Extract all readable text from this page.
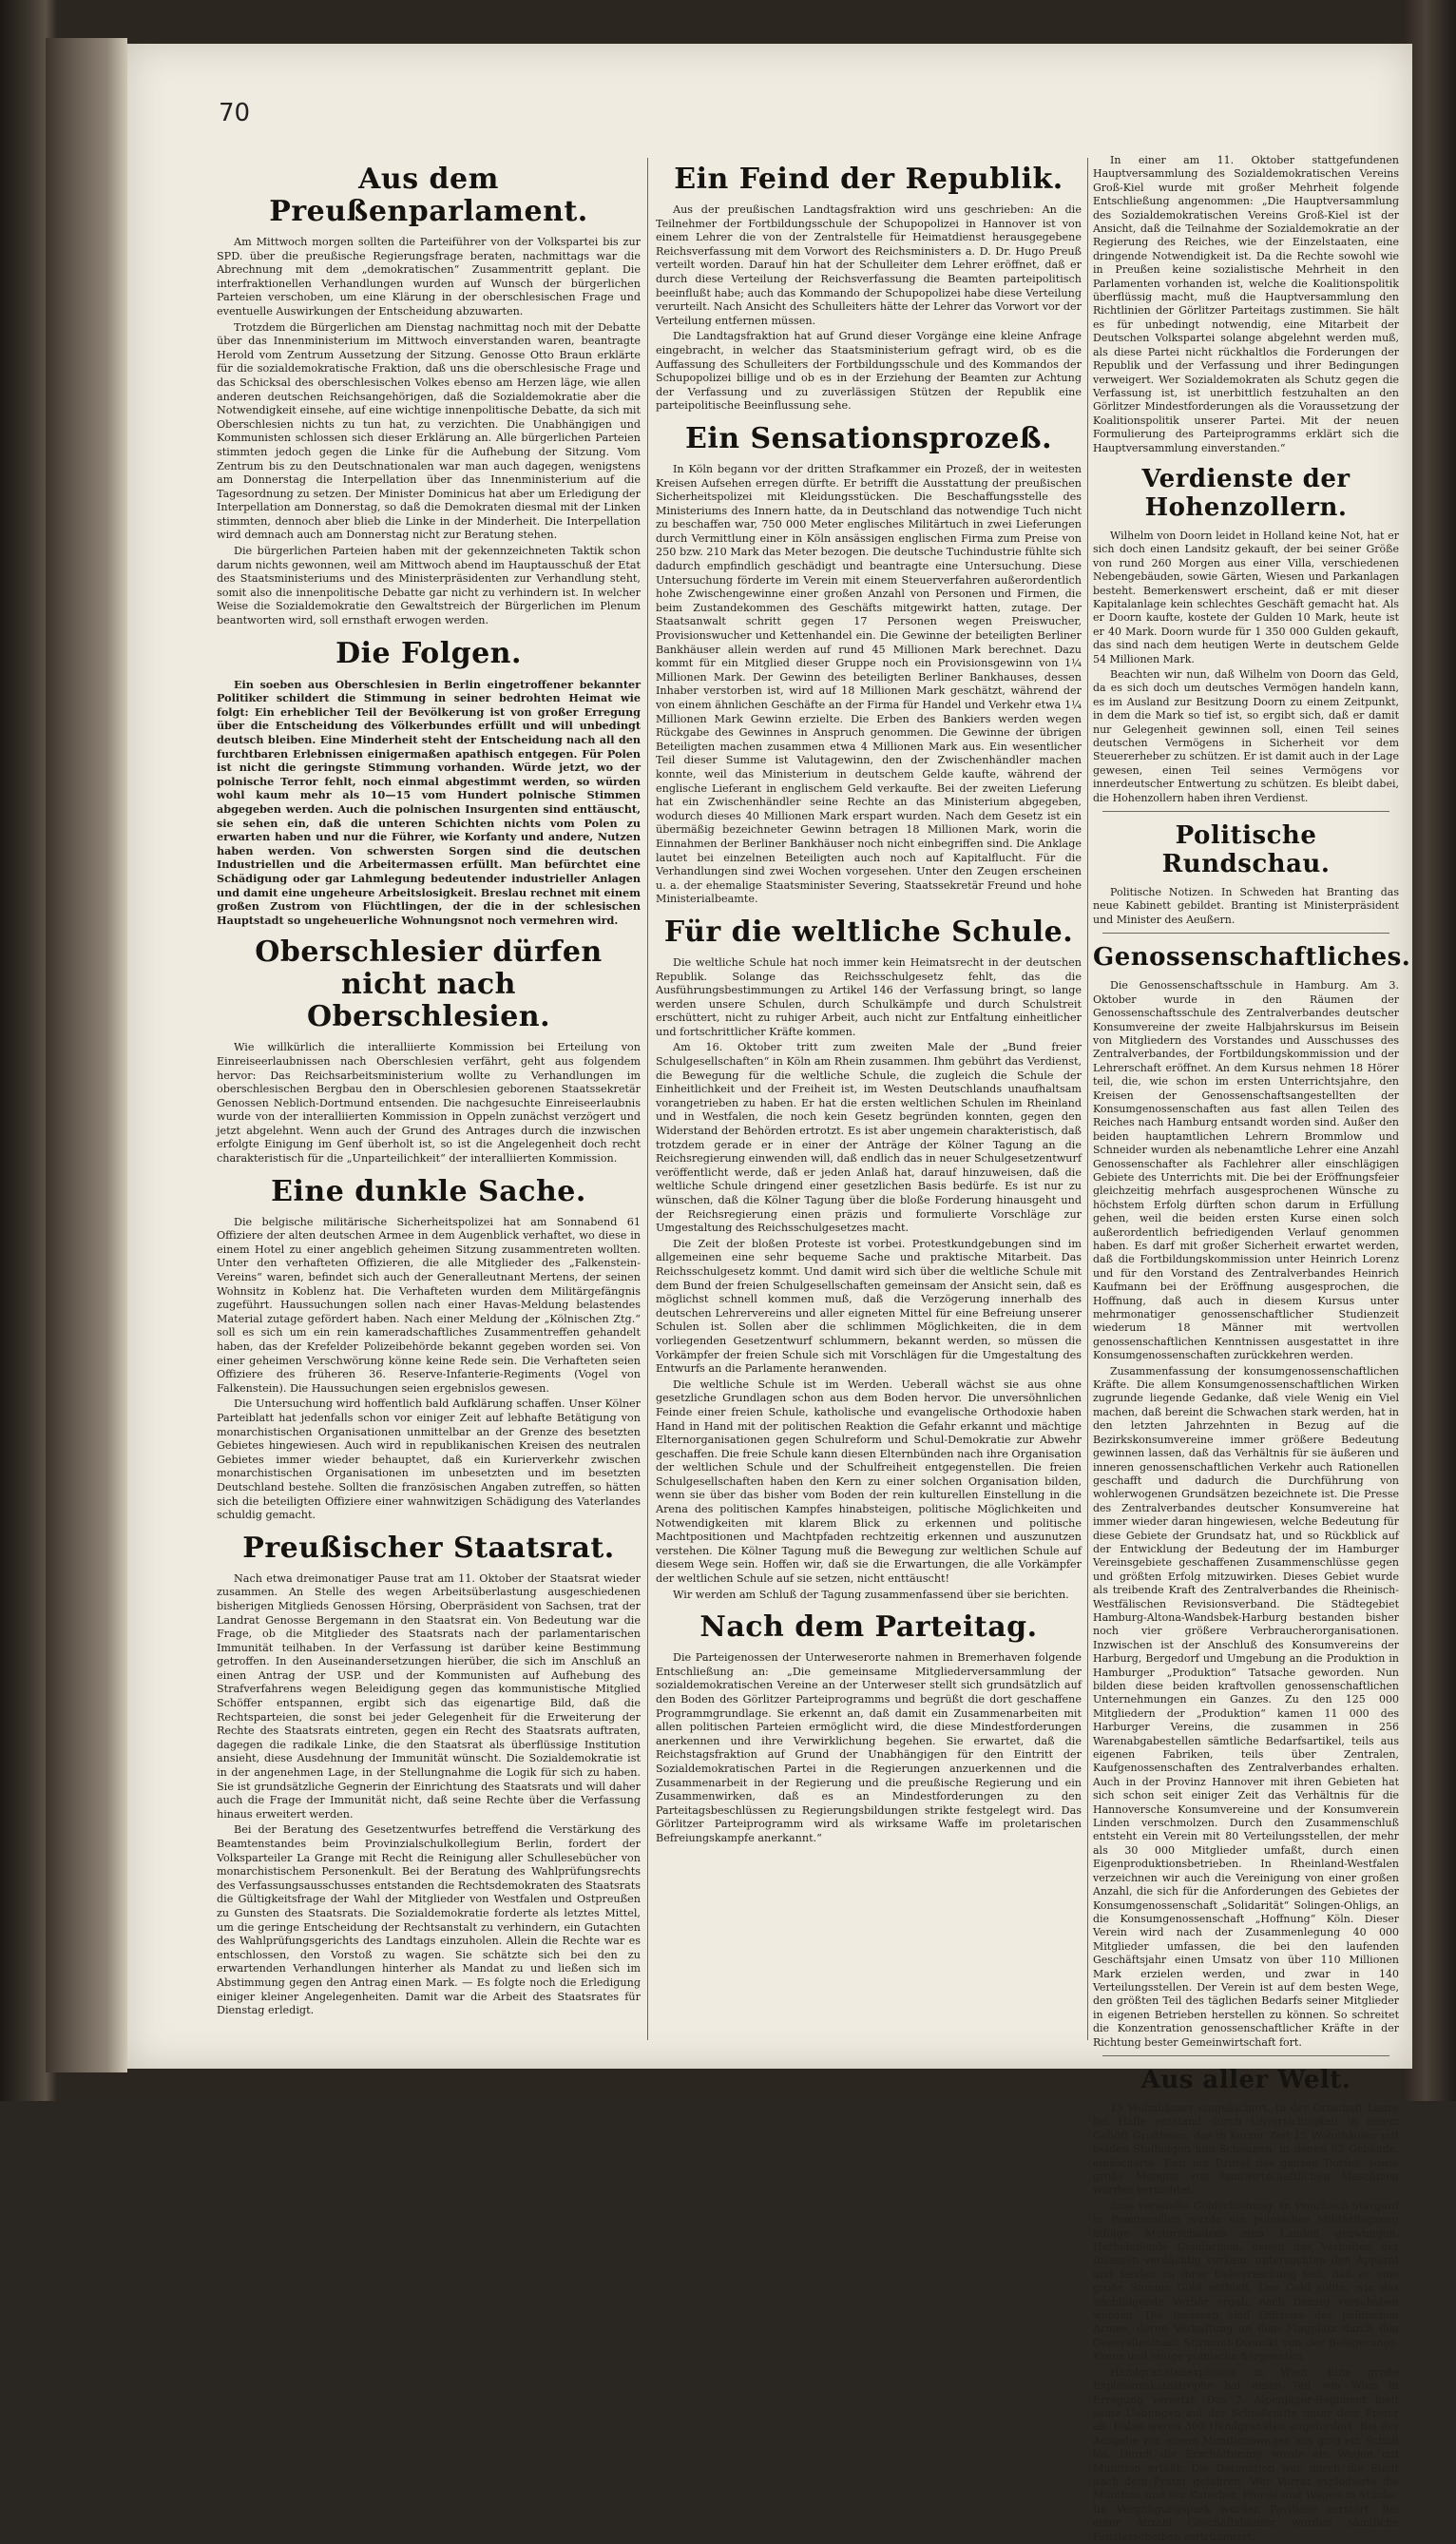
70
Aus dem Preußenparlament.

Am Mittwoch morgen sollten die Parteiführer von der Volkspartei bis zur SPD. über die preußische Regierungsfrage beraten, nachmittags war die Abrechnung mit dem „demokratischen“ Zusammentritt geplant. Die interfraktionellen Verhandlungen wurden auf Wunsch der bürgerlichen Parteien verschoben, um eine Klärung in der oberschlesischen Frage und eventuelle Auswirkungen der Entscheidung abzuwarten.

Trotzdem die Bürgerlichen am Dienstag nachmittag noch mit der Debatte über das Innenministerium im Mittwoch einverstanden waren, beantragte Herold vom Zentrum Aussetzung der Sitzung. Genosse Otto Braun erklärte für die sozialdemokratische Fraktion, daß uns die oberschlesische Frage und das Schicksal des oberschlesischen Volkes ebenso am Herzen läge, wie allen anderen deutschen Reichsangehörigen, daß die Sozialdemokratie aber die Notwendigkeit einsehe, auf eine wichtige innenpolitische Debatte, da sich mit Oberschlesien nichts zu tun hat, zu verzichten. Die Unabhängigen und Kommunisten schlossen sich dieser Erklärung an. Alle bürgerlichen Parteien stimmten jedoch gegen die Linke für die Aufhebung der Sitzung. Vom Zentrum bis zu den Deutschnationalen war man auch dagegen, wenigstens am Donnerstag die Interpellation über das Innenministerium auf die Tagesordnung zu setzen. Der Minister Dominicus hat aber um Erledigung der Interpellation am Donnerstag, so daß die Demokraten diesmal mit der Linken stimmten, dennoch aber blieb die Linke in der Minderheit. Die Interpellation wird demnach auch am Donnerstag nicht zur Beratung stehen.

Die bürgerlichen Parteien haben mit der gekennzeichneten Taktik schon darum nichts gewonnen, weil am Mittwoch abend im Hauptausschuß der Etat des Staatsministeriums und des Ministerpräsidenten zur Verhandlung steht, somit also die innenpolitische Debatte gar nicht zu verhindern ist. In welcher Weise die Sozialdemokratie den Gewaltstreich der Bürgerlichen im Plenum beantworten wird, soll ernsthaft erwogen werden.

Die Folgen.

Ein soeben aus Oberschlesien in Berlin eingetroffener bekannter Politiker schildert die Stimmung in seiner bedrohten Heimat wie folgt: Ein erheblicher Teil der Bevölkerung ist von großer Erregung über die Entscheidung des Völkerbundes erfüllt und will unbedingt deutsch bleiben. Eine Minderheit steht der Entscheidung nach all den furchtbaren Erlebnissen einigermaßen apathisch entgegen. Für Polen ist nicht die geringste Stimmung vorhanden. Würde jetzt, wo der polnische Terror fehlt, noch einmal abgestimmt werden, so würden wohl kaum mehr als 10—15 vom Hundert polnische Stimmen abgegeben werden. Auch die polnischen Insurgenten sind enttäuscht, sie sehen ein, daß die unteren Schichten nichts vom Polen zu erwarten haben und nur die Führer, wie Korfanty und andere, Nutzen haben werden. Von schwersten Sorgen sind die deutschen Industriellen und die Arbeitermassen erfüllt. Man befürchtet eine Schädigung oder gar Lahmlegung bedeutender industrieller Anlagen und damit eine ungeheure Arbeitslosigkeit. Breslau rechnet mit einem großen Zustrom von Flüchtlingen, der die in der schlesischen Hauptstadt so ungeheuerliche Wohnungsnot noch vermehren wird.

Oberschlesier dürfen nicht nach Oberschlesien.

Wie willkürlich die interalliierte Kommission bei Erteilung von Einreiseerlaubnissen nach Oberschlesien verfährt, geht aus folgendem hervor: Das Reichsarbeitsministerium wollte zu Verhandlungen im oberschlesischen Bergbau den in Oberschlesien geborenen Staatssekretär Genossen Neblich-Dortmund entsenden. Die nachgesuchte Einreiseerlaubnis wurde von der interalliierten Kommission in Oppeln zunächst verzögert und jetzt abgelehnt. Wenn auch der Grund des Antrages durch die inzwischen erfolgte Einigung im Genf überholt ist, so ist die Angelegenheit doch recht charakteristisch für die „Unparteilichkeit“ der interalliierten Kommission.

Eine dunkle Sache.

Die belgische militärische Sicherheitspolizei hat am Sonnabend 61 Offiziere der alten deutschen Armee in dem Augenblick verhaftet, wo diese in einem Hotel zu einer angeblich geheimen Sitzung zusammentreten wollten. Unter den verhafteten Offizieren, die alle Mitglieder des „Falkenstein-Vereins“ waren, befindet sich auch der Generalleutnant Mertens, der seinen Wohnsitz in Koblenz hat. Die Verhafteten wurden dem Militärgefängnis zugeführt. Haussuchungen sollen nach einer Havas-Meldung belastendes Material zutage gefördert haben. Nach einer Meldung der „Kölnischen Ztg.“ soll es sich um ein rein kameradschaftliches Zusammentreffen gehandelt haben, das der Krefelder Polizeibehörde bekannt gegeben worden sei. Von einer geheimen Verschwörung könne keine Rede sein. Die Verhafteten seien Offiziere des früheren 36. Reserve-Infanterie-Regiments (Vogel von Falkenstein). Die Haussuchungen seien ergebnislos gewesen.

Die Untersuchung wird hoffentlich bald Aufklärung schaffen. Unser Kölner Parteiblatt hat jedenfalls schon vor einiger Zeit auf lebhafte Betätigung von monarchistischen Organisationen unmittelbar an der Grenze des besetzten Gebietes hingewiesen. Auch wird in republikanischen Kreisen des neutralen Gebietes immer wieder behauptet, daß ein Kurierverkehr zwischen monarchistischen Organisationen im unbesetzten und im besetzten Deutschland bestehe. Sollten die französischen Angaben zutreffen, so hätten sich die beteiligten Offiziere einer wahnwitzigen Schädigung des Vaterlandes schuldig gemacht.

Preußischer Staatsrat.

Nach etwa dreimonatiger Pause trat am 11. Oktober der Staatsrat wieder zusammen. An Stelle des wegen Arbeitsüberlastung ausgeschiedenen bisherigen Mitglieds Genossen Hörsing, Oberpräsident von Sachsen, trat der Landrat Genosse Bergemann in den Staatsrat ein. Von Bedeutung war die Frage, ob die Mitglieder des Staatsrats nach der parlamentarischen Immunität teilhaben. In der Verfassung ist darüber keine Bestimmung getroffen. In den Auseinandersetzungen hierüber, die sich im Anschluß an einen Antrag der USP. und der Kommunisten auf Aufhebung des Strafverfahrens wegen Beleidigung gegen das kommunistische Mitglied Schöffer entspannen, ergibt sich das eigenartige Bild, daß die Rechtsparteien, die sonst bei jeder Gelegenheit für die Erweiterung der Rechte des Staatsrats eintreten, gegen ein Recht des Staatsrats auftraten, dagegen die radikale Linke, die den Staatsrat als überflüssige Institution ansieht, diese Ausdehnung der Immunität wünscht. Die Sozialdemokratie ist in der angenehmen Lage, in der Stellungnahme die Logik für sich zu haben. Sie ist grundsätzliche Gegnerin der Einrichtung des Staatsrats und will daher auch die Frage der Immunität nicht, daß seine Rechte über die Verfassung hinaus erweitert werden.

Bei der Beratung des Gesetzentwurfes betreffend die Verstärkung des Beamtenstandes beim Provinzialschulkollegium Berlin, fordert der Volksparteiler La Grange mit Recht die Reinigung aller Schullesebücher von monarchistischem Personenkult. Bei der Beratung des Wahlprüfungsrechts des Verfassungsausschusses entstanden die Rechtsdemokraten des Staatsrats die Gültigkeitsfrage der Wahl der Mitglieder von Westfalen und Ostpreußen zu Gunsten des Staatsrats. Die Sozialdemokratie forderte als letztes Mittel, um die geringe Entscheidung der Rechtsanstalt zu verhindern, ein Gutachten des Wahlprüfungsgerichts des Landtags einzuholen. Allein die Rechte war es entschlossen, den Vorstoß zu wagen. Sie schätzte sich bei den zu erwartenden Verhandlungen hinterher als Mandat zu und ließen sich im Abstimmung gegen den Antrag einen Mark. — Es folgte noch die Erledigung einiger kleiner Angelegenheiten. Damit war die Arbeit des Staatsrates für Dienstag erledigt.

Ein Feind der Republik.

Aus der preußischen Landtagsfraktion wird uns geschrieben: An die Teilnehmer der Fortbildungsschule der Schupopolizei in Hannover ist von einem Lehrer die von der Zentralstelle für Heimatdienst herausgegebene Reichsverfassung mit dem Vorwort des Reichsministers a. D. Dr. Hugo Preuß verteilt worden. Darauf hin hat der Schulleiter dem Lehrer eröffnet, daß er durch diese Verteilung der Reichsverfassung die Beamten parteipolitisch beeinflußt habe; auch das Kommando der Schupopolizei habe diese Verteilung verurteilt. Nach Ansicht des Schulleiters hätte der Lehrer das Vorwort vor der Verteilung entfernen müssen.

Die Landtagsfraktion hat auf Grund dieser Vorgänge eine kleine Anfrage eingebracht, in welcher das Staatsministerium gefragt wird, ob es die Auffassung des Schulleiters der Fortbildungsschule und des Kommandos der Schupopolizei billige und ob es in der Erziehung der Beamten zur Achtung der Verfassung und zu zuverlässigen Stützen der Republik eine parteipolitische Beeinflussung sehe.

Ein Sensationsprozeß.

In Köln begann vor der dritten Strafkammer ein Prozeß, der in weitesten Kreisen Aufsehen erregen dürfte. Er betrifft die Ausstattung der preußischen Sicherheitspolizei mit Kleidungsstücken. Die Beschaffungsstelle des Ministeriums des Innern hatte, da in Deutschland das notwendige Tuch nicht zu beschaffen war, 750 000 Meter englisches Militärtuch in zwei Lieferungen durch Vermittlung einer in Köln ansässigen englischen Firma zum Preise von 250 bzw. 210 Mark das Meter bezogen. Die deutsche Tuchindustrie fühlte sich dadurch empfindlich geschädigt und beantragte eine Untersuchung. Diese Untersuchung förderte im Verein mit einem Steuerverfahren außerordentlich hohe Zwischengewinne einer großen Anzahl von Personen und Firmen, die beim Zustandekommen des Geschäfts mitgewirkt hatten, zutage. Der Staatsanwalt schritt gegen 17 Personen wegen Preiswucher, Provisionswucher und Kettenhandel ein. Die Gewinne der beteiligten Berliner Bankhäuser allein werden auf rund 45 Millionen Mark berechnet. Dazu kommt für ein Mitglied dieser Gruppe noch ein Provisionsgewinn von 1¼ Millionen Mark. Der Gewinn des beteiligten Berliner Bankhauses, dessen Inhaber verstorben ist, wird auf 18 Millionen Mark geschätzt, während der von einem ähnlichen Geschäfte an der Firma für Handel und Verkehr etwa 1¼ Millionen Mark Gewinn erzielte. Die Erben des Bankiers werden wegen Rückgabe des Gewinnes in Anspruch genommen. Die Gewinne der übrigen Beteiligten machen zusammen etwa 4 Millionen Mark aus. Ein wesentlicher Teil dieser Summe ist Valutagewinn, den der Zwischenhändler machen konnte, weil das Ministerium in deutschem Gelde kaufte, während der englische Lieferant in englischem Geld verkaufte. Bei der zweiten Lieferung hat ein Zwischenhändler seine Rechte an das Ministerium abgegeben, wodurch dieses 40 Millionen Mark erspart wurden. Nach dem Gesetz ist ein übermäßig bezeichneter Gewinn betragen 18 Millionen Mark, worin die Einnahmen der Berliner Bankhäuser noch nicht einbegriffen sind. Die Anklage lautet bei einzelnen Beteiligten auch noch auf Kapitalflucht. Für die Verhandlungen sind zwei Wochen vorgesehen. Unter den Zeugen erscheinen u. a. der ehemalige Staatsminister Severing, Staatssekretär Freund und hohe Ministerialbeamte.

Für die weltliche Schule.

Die weltliche Schule hat noch immer kein Heimatsrecht in der deutschen Republik. Solange das Reichsschulgesetz fehlt, das die Ausführungsbestimmungen zu Artikel 146 der Verfassung bringt, so lange werden unsere Schulen, durch Schulkämpfe und durch Schulstreit erschüttert, nicht zu ruhiger Arbeit, auch nicht zur Entfaltung einheitlicher und fortschrittlicher Kräfte kommen.

Am 16. Oktober tritt zum zweiten Male der „Bund freier Schulgesellschaften“ in Köln am Rhein zusammen. Ihm gebührt das Verdienst, die Bewegung für die weltliche Schule, die zugleich die Schule der Einheitlichkeit und der Freiheit ist, im Westen Deutschlands unaufhaltsam vorangetrieben zu haben. Er hat die ersten weltlichen Schulen im Rheinland und in Westfalen, die noch kein Gesetz begründen konnten, gegen den Widerstand der Behörden ertrotzt. Es ist aber ungemein charakteristisch, daß trotzdem gerade er in einer der Anträge der Kölner Tagung an die Reichsregierung einwenden will, daß endlich das in neuer Schulgesetzentwurf veröffentlicht werde, daß er jeden Anlaß hat, darauf hinzuweisen, daß die weltliche Schule dringend einer gesetzlichen Basis bedürfe. Es ist nur zu wünschen, daß die Kölner Tagung über die bloße Forderung hinausgeht und der Reichsregierung einen präzis und formulierte Vorschläge zur Umgestaltung des Reichsschulgesetzes macht.

Die Zeit der bloßen Proteste ist vorbei. Protestkundgebungen sind im allgemeinen eine sehr bequeme Sache und praktische Mitarbeit. Das Reichsschulgesetz kommt. Und damit wird sich über die weltliche Schule mit dem Bund der freien Schulgesellschaften gemeinsam der Ansicht sein, daß es möglichst schnell kommen muß, daß die Verzögerung innerhalb des deutschen Lehrervereins und aller eigneten Mittel für eine Befreiung unserer Schulen ist. Sollen aber die schlimmen Möglichkeiten, die in dem vorliegenden Gesetzentwurf schlummern, bekannt werden, so müssen die Vorkämpfer der freien Schule sich mit Vorschlägen für die Umgestaltung des Entwurfs an die Parlamente heranwenden.

Die weltliche Schule ist im Werden. Ueberall wächst sie aus ohne gesetzliche Grundlagen schon aus dem Boden hervor. Die unversöhnlichen Feinde einer freien Schule, katholische und evangelische Orthodoxie haben Hand in Hand mit der politischen Reaktion die Gefahr erkannt und mächtige Elternorganisationen gegen Schulreform und Schul-Demokratie zur Abwehr geschaffen. Die freie Schule kann diesen Elternbünden nach ihre Organisation der weltlichen Schule und der Schulfreiheit entgegenstellen. Die freien Schulgesellschaften haben den Kern zu einer solchen Organisation bilden, wenn sie über das bisher vom Boden der rein kulturellen Einstellung in die Arena des politischen Kampfes hinabsteigen, politische Möglichkeiten und Notwendigkeiten mit klarem Blick zu erkennen und politische Machtpositionen und Machtpfaden rechtzeitig erkennen und auszunutzen verstehen. Die Kölner Tagung muß die Bewegung zur weltlichen Schule auf diesem Wege sein. Hoffen wir, daß sie die Erwartungen, die alle Vorkämpfer der weltlichen Schule auf sie setzen, nicht enttäuscht!

Wir werden am Schluß der Tagung zusammenfassend über sie berichten.

Nach dem Parteitag.

Die Parteigenossen der Unterweserorte nahmen in Bremerhaven folgende Entschließung an: „Die gemeinsame Mitgliederversammlung der sozialdemokratischen Vereine an der Unterweser stellt sich grundsätzlich auf den Boden des Görlitzer Parteiprogramms und begrüßt die dort geschaffene Programmgrundlage. Sie erkennt an, daß damit ein Zusammenarbeiten mit allen politischen Parteien ermöglicht wird, die diese Mindestforderungen anerkennen und ihre Verwirklichung begehen. Sie erwartet, daß die Reichstagsfraktion auf Grund der Unabhängigen für den Eintritt der Sozialdemokratischen Partei in die Regierungen anzuerkennen und die Zusammenarbeit in der Regierung und die preußische Regierung und ein Zusammenwirken, daß es an Mindestforderungen zu den Parteitagsbeschlüssen zu Regierungsbildungen strikte festgelegt wird. Das Görlitzer Parteiprogramm wird als wirksame Waffe im proletarischen Befreiungskampfe anerkannt.“

In einer am 11. Oktober stattgefundenen Hauptversammlung des Sozialdemokratischen Vereins Groß-Kiel wurde mit großer Mehrheit folgende Entschließung angenommen: „Die Hauptversammlung des Sozialdemokratischen Vereins Groß-Kiel ist der Ansicht, daß die Teilnahme der Sozialdemokratie an der Regierung des Reiches, wie der Einzelstaaten, eine dringende Notwendigkeit ist. Da die Rechte sowohl wie in Preußen keine sozialistische Mehrheit in den Parlamenten vorhanden ist, welche die Koalitionspolitik überflüssig macht, muß die Hauptversammlung den Richtlinien der Görlitzer Parteitags zustimmen. Sie hält es für unbedingt notwendig, eine Mitarbeit der Deutschen Volkspartei solange abgelehnt werden muß, als diese Partei nicht rückhaltlos die Forderungen der Republik und der Verfassung und ihrer Bedingungen verweigert. Wer Sozialdemokraten als Schutz gegen die Verfassung ist, ist unerbittlich festzuhalten an den Görlitzer Mindestforderungen als die Voraussetzung der Koalitionspolitik unserer Partei. Mit der neuen Formulierung des Parteiprogramms erklärt sich die Hauptversammlung einverstanden.“

Verdienste der Hohenzollern.

Wilhelm von Doorn leidet in Holland keine Not, hat er sich doch einen Landsitz gekauft, der bei seiner Größe von rund 260 Morgen aus einer Villa, verschiedenen Nebengebäuden, sowie Gärten, Wiesen und Parkanlagen besteht. Bemerkenswert erscheint, daß er mit dieser Kapitalanlage kein schlechtes Geschäft gemacht hat. Als er Doorn kaufte, kostete der Gulden 10 Mark, heute ist er 40 Mark. Doorn wurde für 1 350 000 Gulden gekauft, das sind nach dem heutigen Werte in deutschem Gelde 54 Millionen Mark.

Beachten wir nun, daß Wilhelm von Doorn das Geld, da es sich doch um deutsches Vermögen handeln kann, es im Ausland zur Besitzung Doorn zu einem Zeitpunkt, in dem die Mark so tief ist, so ergibt sich, daß er damit nur Gelegenheit gewinnen soll, einen Teil seines deutschen Vermögens in Sicherheit vor dem Steuererheber zu schützen. Er ist damit auch in der Lage gewesen, einen Teil seines Vermögens vor innerdeutscher Entwertung zu schützen. Es bleibt dabei, die Hohenzollern haben ihren Verdienst.

Politische Rundschau.

Politische Notizen. In Schweden hat Branting das neue Kabinett gebildet. Branting ist Ministerpräsident und Minister des Aeußern.

Genossenschaftliches.

Die Genossenschaftsschule in Hamburg. Am 3. Oktober wurde in den Räumen der Genossenschaftsschule des Zentralverbandes deutscher Konsumvereine der zweite Halbjahrskursus im Beisein von Mitgliedern des Vorstandes und Ausschusses des Zentralverbandes, der Fortbildungskommission und der Lehrerschaft eröffnet. An dem Kursus nehmen 18 Hörer teil, die, wie schon im ersten Unterrichtsjahre, den Kreisen der Genossenschaftsangestellten der Konsumgenossenschaften aus fast allen Teilen des Reiches nach Hamburg entsandt worden sind. Außer den beiden hauptamtlichen Lehrern Brommlow und Schneider wurden als nebenamtliche Lehrer eine Anzahl Genossenschafter als Fachlehrer aller einschlägigen Gebiete des Unterrichts mit. Die bei der Eröffnungsfeier gleichzeitig mehrfach ausgesprochenen Wünsche zu höchstem Erfolg dürften schon darum in Erfüllung gehen, weil die beiden ersten Kurse einen solch außerordentlich befriedigenden Verlauf genommen haben. Es darf mit großer Sicherheit erwartet werden, daß die Fortbildungskommission unter Heinrich Lorenz und für den Vorstand des Zentralverbandes Heinrich Kaufmann bei der Eröffnung ausgesprochen, die Hoffnung, daß auch in diesem Kursus unter mehrmonatiger genossenschaftlicher Studienzeit wiederum 18 Männer mit wertvollen genossenschaftlichen Kenntnissen ausgestattet in ihre Konsumgenossenschaften zurückkehren werden.

Zusammenfassung der konsumgenossenschaftlichen Kräfte. Die allem Konsumgenossenschaftlichen Wirken zugrunde liegende Gedanke, daß viele Wenig ein Viel machen, daß bereint die Schwachen stark werden, hat in den letzten Jahrzehnten in Bezug auf die Bezirkskonsumvereine immer größere Bedeutung gewinnen lassen, daß das Verhältnis für sie äußeren und inneren genossenschaftlichen Verkehr auch Rationellen geschafft und dadurch die Durchführung von wohlerwogenen Grundsätzen bezeichnete ist. Die Presse des Zentralverbandes deutscher Konsumvereine hat immer wieder daran hingewiesen, welche Bedeutung für diese Gebiete der Grundsatz hat, und so Rückblick auf der Entwicklung der Bedeutung der im Hamburger Vereinsgebiete geschaffenen Zusammenschlüsse gegen und größten Erfolg mitzuwirken. Dieses Gebiet wurde als treibende Kraft des Zentralverbandes die Rheinisch-Westfälischen Revisionsverband. Die Städtegebiet Hamburg-Altona-Wandsbek-Harburg bestanden bisher noch vier größere Verbraucherorganisationen. Inzwischen ist der Anschluß des Konsumvereins der Harburg, Bergedorf und Umgebung an die Produktion in Hamburger „Produktion“ Tatsache geworden. Nun bilden diese beiden kraftvollen genossenschaftlichen Unternehmungen ein Ganzes. Zu den 125 000 Mitgliedern der „Produktion“ kamen 11 000 des Harburger Vereins, die zusammen in 256 Warenabgabestellen sämtliche Bedarfsartikel, teils aus eigenen Fabriken, teils über Zentralen, Kaufgenossenschaften des Zentralverbandes erhalten. Auch in der Provinz Hannover mit ihren Gebieten hat sich schon seit einiger Zeit das Verhältnis für die Hannoversche Konsumvereine und der Konsumverein Linden verschmolzen. Durch den Zusammenschluß entsteht ein Verein mit 80 Verteilungsstellen, der mehr als 30 000 Mitglieder umfaßt, durch einen Eigenproduktionsbetrieben. In Rheinland-Westfalen verzeichnen wir auch die Vereinigung von einer großen Anzahl, die sich für die Anforderungen des Gebietes der Konsumgenossenschaft „Solidarität“ Solingen-Ohligs, an die Konsumgenossenschaft „Hoffnung“ Köln. Dieser Verein wird nach der Zusammenlegung 40 000 Mitglieder umfassen, die bei den laufenden Geschäftsjahr einen Umsatz von über 110 Millionen Mark erzielen werden, und zwar in 140 Verteilungsstellen. Der Verein ist auf dem besten Wege, den größten Teil des täglichen Bedarfs seiner Mitglieder in eigenen Betrieben herstellen zu können. So schreitet die Konzentration genossenschaftlicher Kräfte in der Richtung bester Gemeinwirtschaft fort.

Aus aller Welt.

15 Wohnhäuser eingeäschert. In der Ortschaft Lanze bei Halle entstand durch Unvorsichtigkeit in einem Gehöft Großfeuer, das in kurzer Zeit 15 Wohnhäuser mit beiden Stallungen und Scheunen, in denen 92 Gebäude, einäscherte. Fast ein Drittel des ganzen Dorfes, sowie große Mengen von landwirtschaftlichen Maschinen wurden vernichtet.

Eine vereitelte Goldschiebung. In Preußisch-Stargard in Pommerellen wurde ein polnisches Militärflugzeug infolge Motorschadens zum Landen gezwungen. Herbeieilende Gendarmen, denen das Verhalten der Insassen verdächtig vorkam, untersuchten den Apparat und fanden zu ihrer Ueberraschung fest, daß er eine große Summe Gold enthielt. Das Gold sollte, wie das nachfolgende Verhör ergab, nach Danzig verschoben werden. Die Insassen sind Offiziere der polnischen Armee, deren Verhaftung an dem Flugplatz durch den Generalleutnant Stirmunt-Dwaniki von der Belagerungs-Kreuz und einige polnische Sergeanten.

Handgranatenexplosion in Wien. Eine große Explosionskatastrophe hat einen Teil von Wien in Erregung versetzt. Das 7. Alpenjäger-Regiment hielt seine Uebungen auf der Schießstätte unter dem Protor ab. Dabei waren 300 Handgranaten angefordert. Bei der Ausgabe von einem Munitionswagen aus ging ein Schuß los. Durch die Erschütterung wurde ein Wagen mit Munition erfaßt. Die Detonation war durch die Stadt nach dem Prater gefahren. Wer Vorrat explodierte die Munition und ein Kutscher, Pferde und Wagen in Stücke. Im Vergnügungspark wurden Pavillone zerstört. Bei einer Anzahl Geschäftshäuser wurden sämtliche Fensterscheiben zertrümmert.
